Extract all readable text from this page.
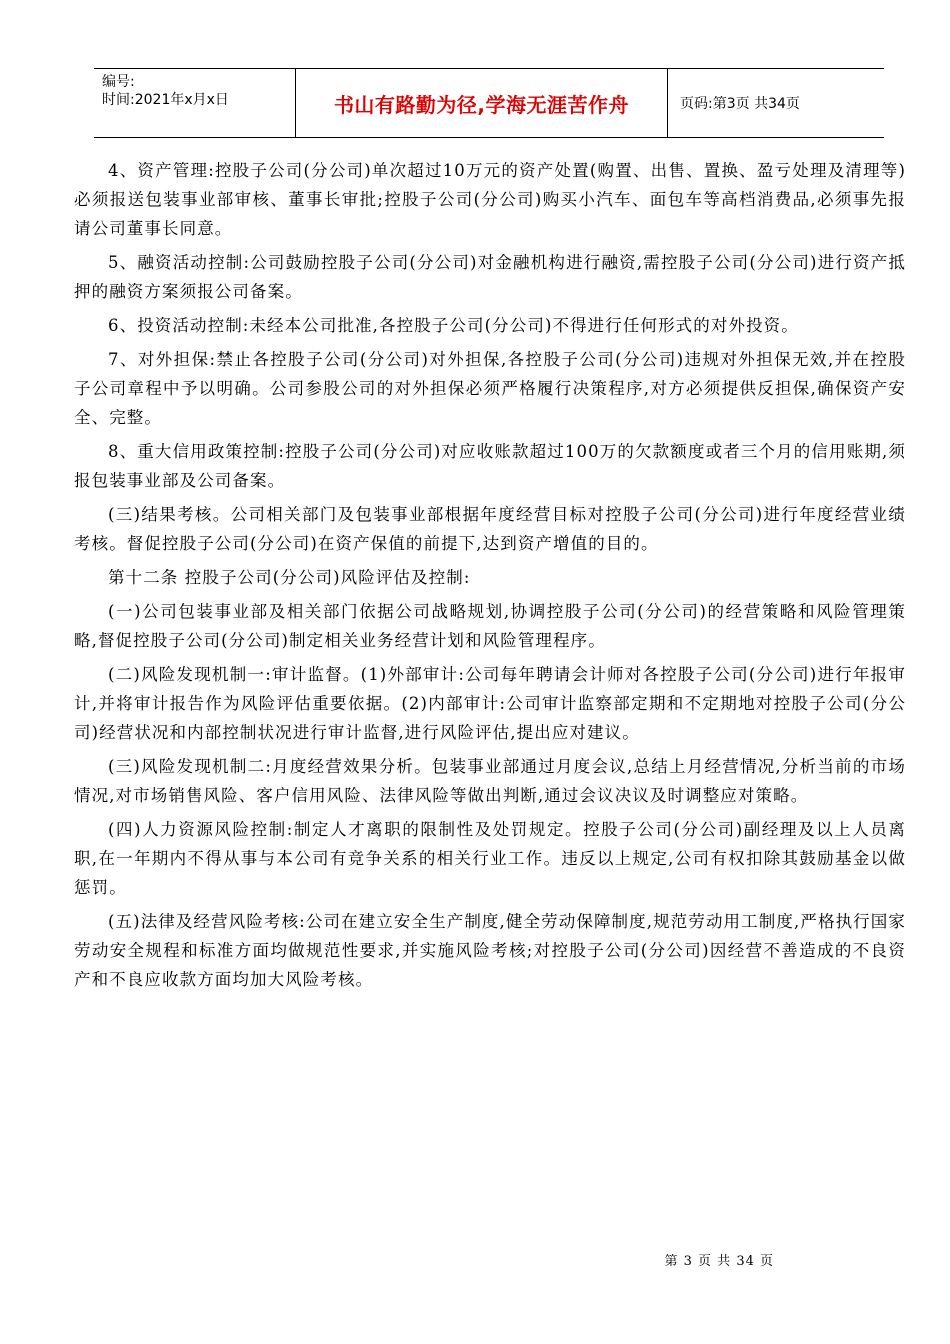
编号:
时间:2021年x月x日	书山有路勤为径,学海无涯苦作舟	页码:第3页 共34页

4、资产管理:控股子公司(分公司)单次超过10万元的资产处置(购置、出售、置换、盈亏处理及清理等)必须报送包装事业部审核、董事长审批;控股子公司(分公司)购买小汽车、面包车等高档消费品,必须事先报请公司董事长同意。

5、融资活动控制:公司鼓励控股子公司(分公司)对金融机构进行融资,需控股子公司(分公司)进行资产抵押的融资方案须报公司备案。

6、投资活动控制:未经本公司批准,各控股子公司(分公司)不得进行任何形式的对外投资。

7、对外担保:禁止各控股子公司(分公司)对外担保,各控股子公司(分公司)违规对外担保无效,并在控股子公司章程中予以明确。公司参股公司的对外担保必须严格履行决策程序,对方必须提供反担保,确保资产安全、完整。

8、重大信用政策控制:控股子公司(分公司)对应收账款超过100万的欠款额度或者三个月的信用账期,须报包装事业部及公司备案。

(三)结果考核。公司相关部门及包装事业部根据年度经营目标对控股子公司(分公司)进行年度经营业绩考核。督促控股子公司(分公司)在资产保值的前提下,达到资产增值的目的。

第十二条 控股子公司(分公司)风险评估及控制:

(一)公司包装事业部及相关部门依据公司战略规划,协调控股子公司(分公司)的经营策略和风险管理策略,督促控股子公司(分公司)制定相关业务经营计划和风险管理程序。

(二)风险发现机制一:审计监督。(1)外部审计:公司每年聘请会计师对各控股子公司(分公司)进行年报审计,并将审计报告作为风险评估重要依据。(2)内部审计:公司审计监察部定期和不定期地对控股子公司(分公司)经营状况和内部控制状况进行审计监督,进行风险评估,提出应对建议。

(三)风险发现机制二:月度经营效果分析。包装事业部通过月度会议,总结上月经营情况,分析当前的市场情况,对市场销售风险、客户信用风险、法律风险等做出判断,通过会议决议及时调整应对策略。

(四)人力资源风险控制:制定人才离职的限制性及处罚规定。控股子公司(分公司)副经理及以上人员离职,在一年期内不得从事与本公司有竞争关系的相关行业工作。违反以上规定,公司有权扣除其鼓励基金以做惩罚。

(五)法律及经营风险考核:公司在建立安全生产制度,健全劳动保障制度,规范劳动用工制度,严格执行国家劳动安全规程和标准方面均做规范性要求,并实施风险考核;对控股子公司(分公司)因经营不善造成的不良资产和不良应收款方面均加大风险考核。

第 3 页 共 34 页
